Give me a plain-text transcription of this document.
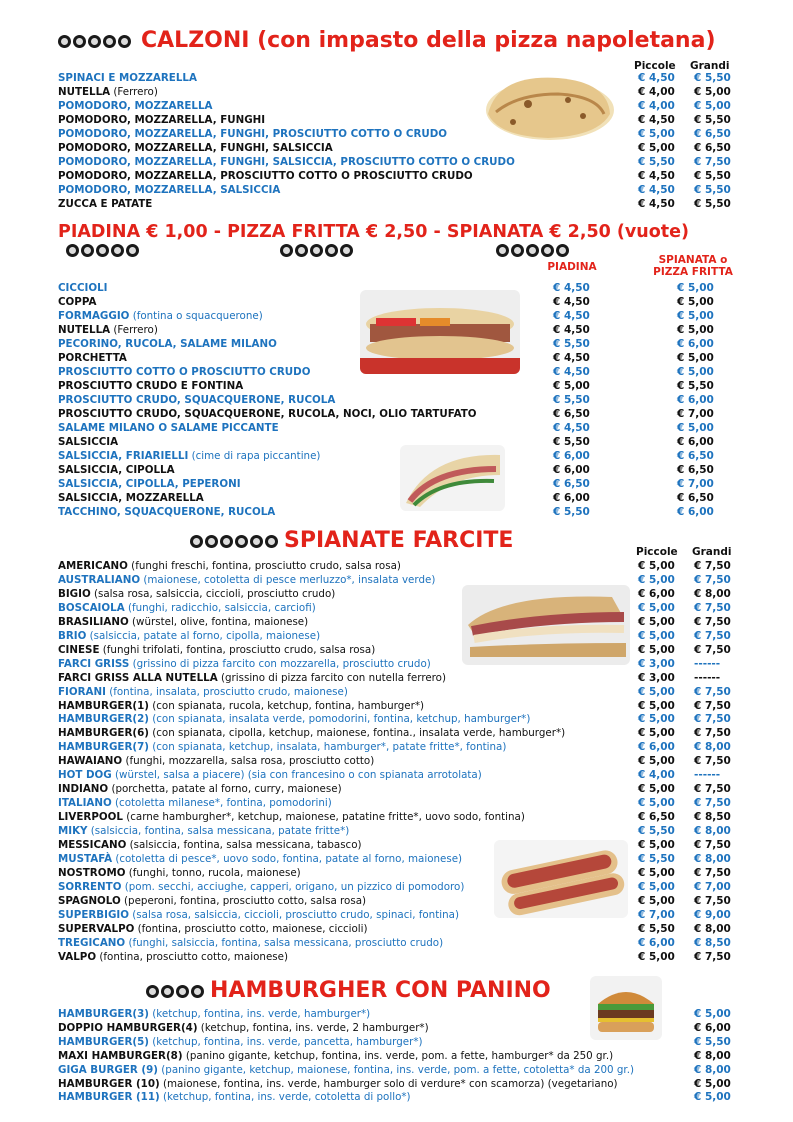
CALZONI (con impasto della pizza napoletana)
Piccole Grandi
SPINACI E MOZZARELLA	€ 4,50 € 5,50
NUTELLA (Ferrero)	€ 4,00 € 5,00
POMODORO, MOZZARELLA	€ 4,00 € 5,00
POMODORO, MOZZARELLA, FUNGHI	€ 4,50 € 5,50
POMODORO, MOZZARELLA, FUNGHI, PROSCIUTTO COTTO O CRUDO	€ 5,00 € 6,50
POMODORO, MOZZARELLA, FUNGHI, SALSICCIA	€ 5,00 € 6,50
POMODORO, MOZZARELLA, FUNGHI, SALSICCIA, PROSCIUTTO COTTO O CRUDO	€ 5,50 € 7,50
POMODORO, MOZZARELLA, PROSCIUTTO COTTO O PROSCIUTTO CRUDO	€ 4,50 € 5,50
POMODORO, MOZZARELLA, SALSICCIA	€ 4,50 € 5,50
ZUCCA E PATATE	€ 4,50 € 5,50
PIADINA € 1,00 - PIZZA FRITTA € 2,50 - SPIANATA € 2,50 (vuote)
PIADINA
SPIANATA o PIZZA FRITTA
CICCIOLI	€ 4,50	€ 5,00
COPPA	€ 4,50	€ 5,00
FORMAGGIO (fontina o squacquerone)	€ 4,50	€ 5,00
NUTELLA (Ferrero)	€ 4,50	€ 5,00
PECORINO, RUCOLA, SALAME MILANO	€ 5,50	€ 6,00
PORCHETTA	€ 4,50	€ 5,00
PROSCIUTTO COTTO O PROSCIUTTO CRUDO	€ 4,50	€ 5,00
PROSCIUTTO CRUDO E FONTINA	€ 5,00	€ 5,50
PROSCIUTTO CRUDO, SQUACQUERONE, RUCOLA	€ 5,50	€ 6,00
PROSCIUTTO CRUDO, SQUACQUERONE, RUCOLA, NOCI, OLIO TARTUFATO	€ 6,50	€ 7,00
SALAME MILANO O SALAME PICCANTE	€ 4,50	€ 5,00
SALSICCIA	€ 5,50	€ 6,00
SALSICCIA, FRIARIELLI (cime di rapa piccantine)	€ 6,00	€ 6,50
SALSICCIA, CIPOLLA	€ 6,00	€ 6,50
SALSICCIA, CIPOLLA, PEPERONI	€ 6,50	€ 7,00
SALSICCIA, MOZZARELLA	€ 6,00	€ 6,50
TACCHINO, SQUACQUERONE, RUCOLA	€ 5,50	€ 6,00
SPIANATE FARCITE	Piccole Grandi
AMERICANO (funghi freschi, fontina, prosciutto crudo, salsa rosa)	€ 5,00 € 7,50
AUSTRALIANO (maionese, cotoletta di pesce merluzzo*, insalata verde)	€ 5,00 € 7,50
BIGIO (salsa rosa, salsiccia, ciccioli, prosciutto crudo)	€ 6,00 € 8,00
BOSCAIOLA (funghi, radicchio, salsiccia, carciofi)	€ 5,00 € 7,50
BRASILIANO (würstel, olive, fontina, maionese)	€ 5,00 € 7,50
BRIO (salsiccia, patate al forno, cipolla, maionese)	€ 5,00 € 7,50
CINESE (funghi trifolati, fontina, prosciutto crudo, salsa rosa)	€ 5,00 € 7,50
FARCI GRISS (grissino di pizza farcito con mozzarella, prosciutto crudo)	€ 3,00 ------
FARCI GRISS ALLA NUTELLA (grissino di pizza farcito con nutella ferrero)	€ 3,00 ------
FIORANI (fontina, insalata, prosciutto crudo, maionese)	€ 5,00 € 7,50
HAMBURGER(1) (con spianata, rucola, ketchup, fontina, hamburger*)	€ 5,00 € 7,50
HAMBURGER(2) (con spianata, insalata verde, pomodorini, fontina, ketchup, hamburger*)	€ 5,00 € 7,50
HAMBURGER(6) (con spianata, cipolla, ketchup, maionese, fontina., insalata verde, hamburger*)	€ 5,00 € 7,50
HAMBURGER(7) (con spianata, ketchup, insalata, hamburger*, patate fritte*, fontina)	€ 6,00 € 8,00
HAWAIANO (funghi, mozzarella, salsa rosa, prosciutto cotto)	€ 5,00 € 7,50
HOT DOG (würstel, salsa a piacere) (sia con francesino o con spianata arrotolata)	€ 4,00 ------
INDIANO (porchetta, patate al forno, curry, maionese)	€ 5,00 € 7,50
ITALIANO (cotoletta milanese*, fontina, pomodorini)	€ 5,00 € 7,50
LIVERPOOL (carne hamburgher*, ketchup, maionese, patatine fritte*, uovo sodo, fontina)	€ 6,50 € 8,50
MIKY (salsiccia, fontina, salsa messicana, patate fritte*)	€ 5,50 € 8,00
MESSICANO (salsiccia, fontina, salsa messicana, tabasco)	€ 5,00 € 7,50
MUSTAFÀ (cotoletta di pesce*, uovo sodo, fontina, patate al forno, maionese)	€ 5,50 € 8,00
NOSTROMO (funghi, tonno, rucola, maionese)	€ 5,00 € 7,50
SORRENTO (pom. secchi, acciughe, capperi, origano, un pizzico di pomodoro)	€ 5,00 € 7,00
SPAGNOLO (peperoni, fontina, prosciutto cotto, salsa rosa)	€ 5,00 € 7,50
SUPERBIGIO (salsa rosa, salsiccia, ciccioli, prosciutto crudo, spinaci, fontina)	€ 7,00 € 9,00
SUPERVALPO (fontina, prosciutto cotto, maionese, ciccioli)	€ 5,50 € 8,00
TREGICANO (funghi, salsiccia, fontina, salsa messicana, prosciutto crudo)	€ 6,00 € 8,50
VALPO (fontina, prosciutto cotto, maionese)	€ 5,00 € 7,50
HAMBURGHER CON PANINO
HAMBURGER(3) (ketchup, fontina, ins. verde, hamburger*)	€ 5,00
DOPPIO HAMBURGER(4) (ketchup, fontina, ins. verde, 2 hamburger*)	€ 6,00
HAMBURGER(5) (ketchup, fontina, ins. verde, pancetta, hamburger*)	€ 5,50
MAXI HAMBURGER(8) (panino gigante, ketchup, fontina, ins. verde, pom. a fette, hamburger* da 250 gr.)	€ 8,00
GIGA BURGER (9) (panino gigante, ketchup, maionese, fontina, ins. verde, pom. a fette, cotoletta* da 200 gr.)	€ 8,00
HAMBURGER (10) (maionese, fontina, ins. verde, hamburger solo di verdure* con scamorza) (vegetariano)	€ 5,00
HAMBURGER (11) (ketchup, fontina, ins. verde, cotoletta di pollo*)	€ 5,00
